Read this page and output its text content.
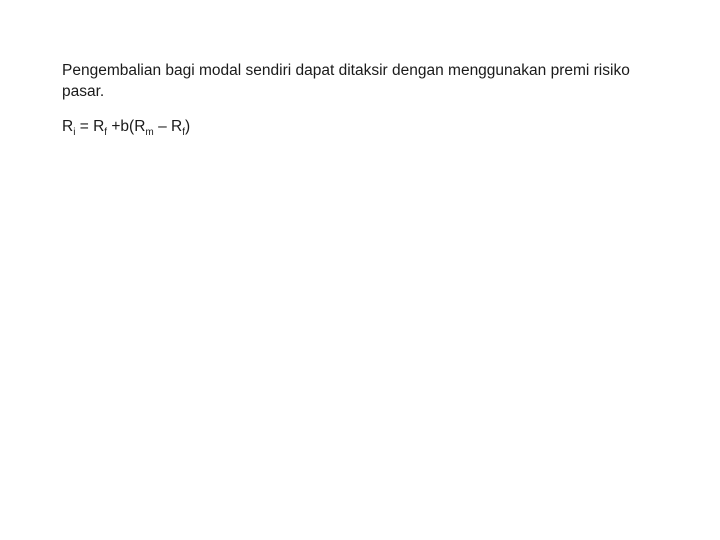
Pengembalian bagi modal sendiri dapat ditaksir dengan menggunakan premi risiko pasar.

$R_i = R_f +b(R_m - R_f)$
